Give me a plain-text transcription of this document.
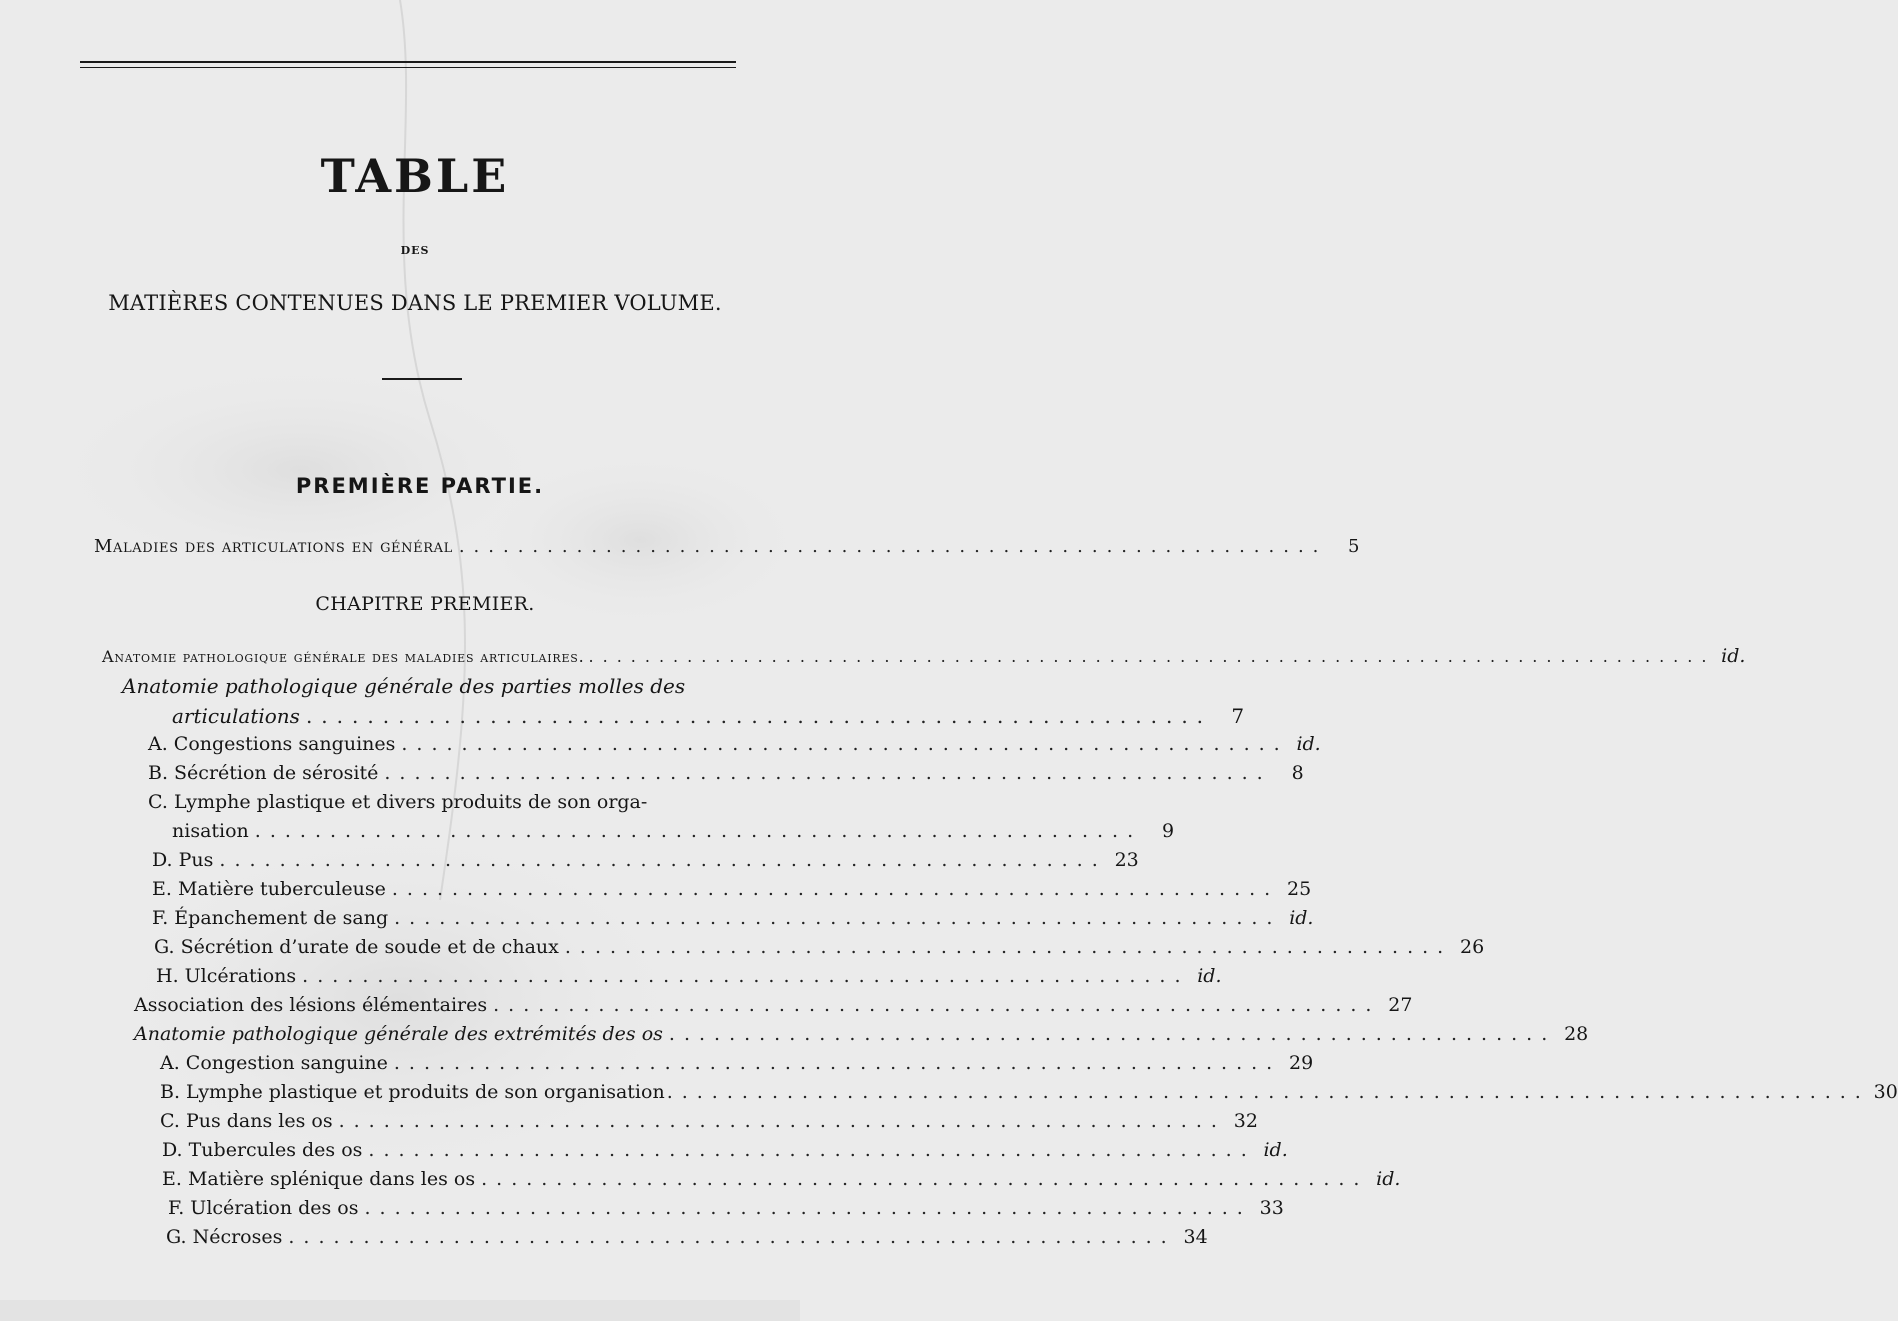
TABLE
DES
MATIÈRES CONTENUES DANS LE PREMIER VOLUME.
PREMIÈRE PARTIE.
Maladies des articulations en général ...........................................................	5
CHAPITRE PREMIER.
Anatomie pathologique générale des maladies articulaires. ................................................................................ id.
Anatomie pathologique générale des parties molles des
articulations ........................................................... 7
A. Congestions sanguines ........................................................... id.
B. Sécrétion de sérosité ...........................................................	8
C. Lymphe plastique et divers produits de son orga-
nisation ...........................................................	9
D. Pus ........................................................... 23
E. Matière tuberculeuse ........................................................... 25
F. Épanchement de sang ........................................................... id.
G. Sécrétion d’urate de soude et de chaux ........................................................... 26
H. Ulcérations ........................................................... id.
Association des lésions élémentaires ........................................................... 27
Anatomie pathologique générale des extrémités des os ........................................................... 28
A. Congestion sanguine ........................................................... 29
B. Lymphe plastique et produits de son organisation ................................................................................ 30
C. Pus dans les os ........................................................... 32
D. Tubercules des os ........................................................... id.
E. Matière splénique dans les os ........................................................... id.
F. Ulcération des os ........................................................... 33
G. Nécroses ........................................................... 34
